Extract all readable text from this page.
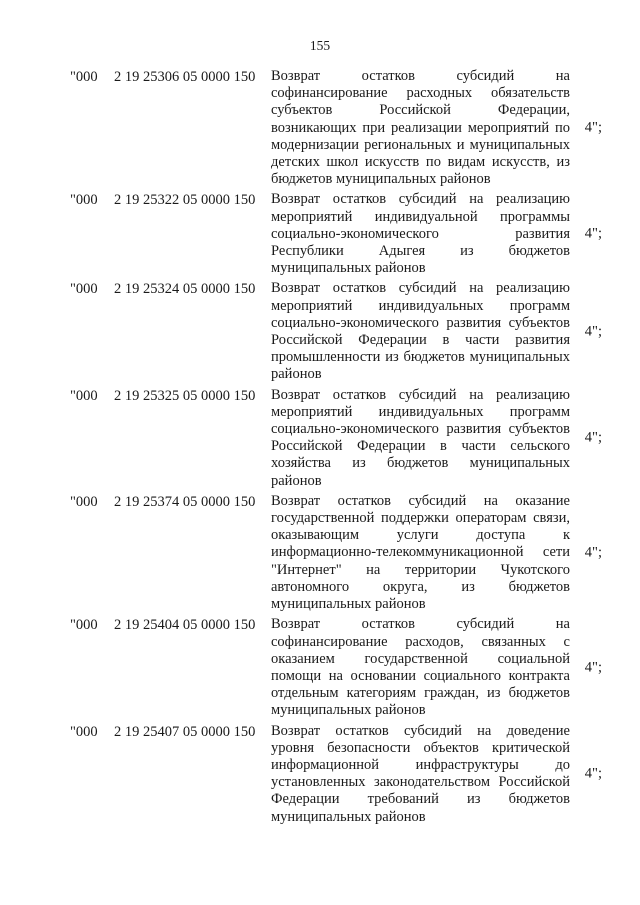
155
"000 2 19 25306 05 0000 150 Возврат остатков субсидий на софинансирование расходных обязательств субъектов Российской Федерации, возникающих при реализации мероприятий по модернизации региональных и муниципальных детских школ искусств по видам искусств, из бюджетов муниципальных районов
4";
"000 2 19 25322 05 0000 150 Возврат остатков субсидий на реализацию мероприятий индивидуальной программы социально-экономического развития Республики Адыгея из бюджетов муниципальных районов
4";
"000 2 19 25324 05 0000 150 Возврат остатков субсидий на реализацию мероприятий индивидуальных программ социально-экономического развития субъектов Российской Федерации в части развития промышленности из бюджетов муниципальных районов
4";
"000 2 19 25325 05 0000 150 Возврат остатков субсидий на реализацию мероприятий индивидуальных программ социально-экономического развития субъектов Российской Федерации в части сельского хозяйства из бюджетов муниципальных районов
4";
"000 2 19 25374 05 0000 150 Возврат остатков субсидий на оказание государственной поддержки операторам связи, оказывающим услуги доступа к информационно-телекоммуникационной сети "Интернет" на территории Чукотского автономного округа, из бюджетов муниципальных районов
4";
"000 2 19 25404 05 0000 150 Возврат остатков субсидий на софинансирование расходов, связанных с оказанием государственной социальной помощи на основании социального контракта отдельным категориям граждан, из бюджетов муниципальных районов
4";
"000 2 19 25407 05 0000 150 Возврат остатков субсидий на доведение уровня безопасности объектов критической информационной инфраструктуры до установленных законодательством Российской Федерации требований из бюджетов муниципальных районов
4";
